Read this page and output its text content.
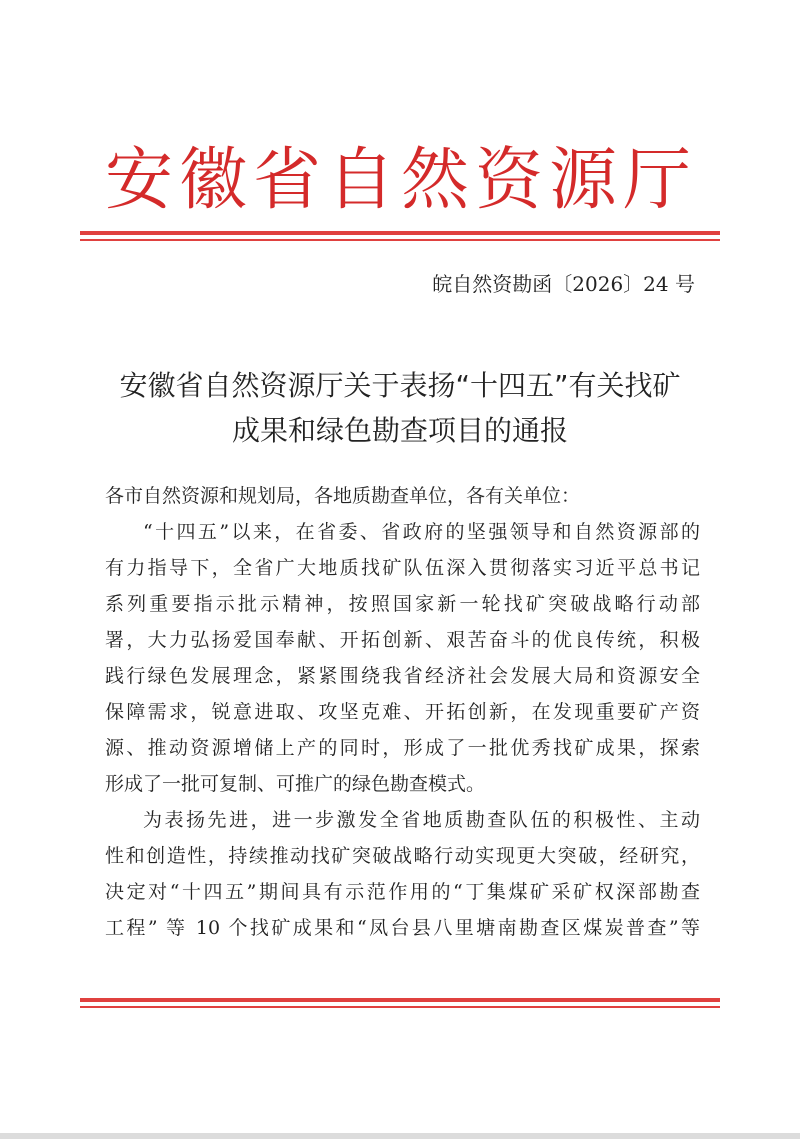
安徽省自然资源厅
皖自然资勘函〔2026〕24 号
安徽省自然资源厅关于表扬“十四五”有关找矿
成果和绿色勘查项目的通报
各市自然资源和规划局，各地质勘查单位，各有关单位：
“十四五”以来，在省委、省政府的坚强领导和自然资源部的
有力指导下，全省广大地质找矿队伍深入贯彻落实习近平总书记
系列重要指示批示精神，按照国家新一轮找矿突破战略行动部
署，大力弘扬爱国奉献、开拓创新、艰苦奋斗的优良传统，积极
践行绿色发展理念，紧紧围绕我省经济社会发展大局和资源安全
保障需求，锐意进取、攻坚克难、开拓创新，在发现重要矿产资
源、推动资源增储上产的同时，形成了一批优秀找矿成果，探索
形成了一批可复制、可推广的绿色勘查模式。
为表扬先进，进一步激发全省地质勘查队伍的积极性、主动
性和创造性，持续推动找矿突破战略行动实现更大突破，经研究，
决定对“十四五”期间具有示范作用的“丁集煤矿采矿权深部勘查
工程” 等 10 个找矿成果和“凤台县八里塘南勘查区煤炭普查”等
